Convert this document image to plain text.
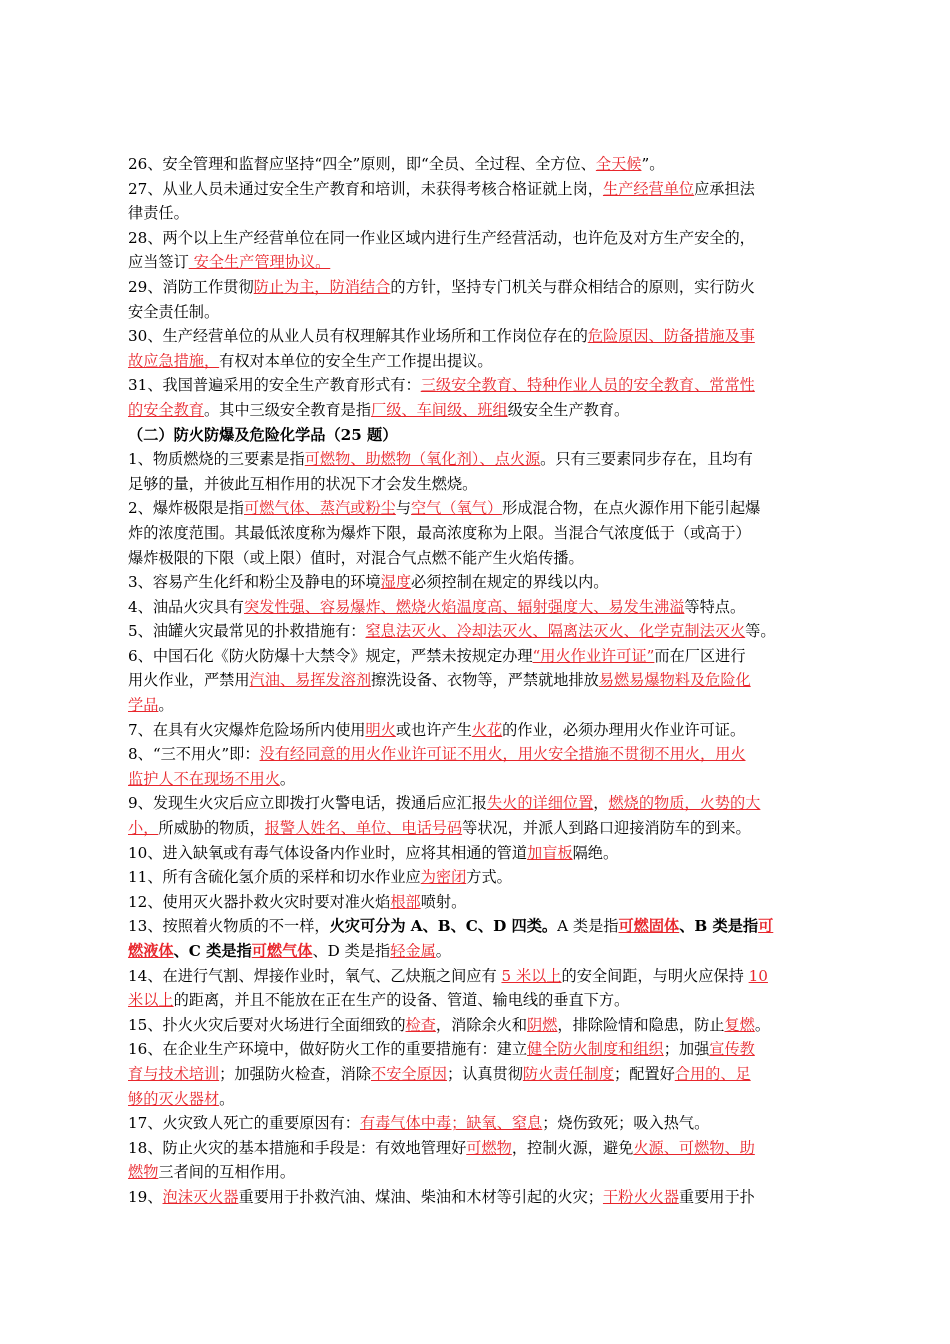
26、安全管理和监督应坚持“四全”原则，即“全员、全过程、全方位、全天候”。
27、从业人员未通过安全生产教育和培训，未获得考核合格证就上岗，生产经营单位应承担法
律责任。
28、两个以上生产经营单位在同一作业区域内进行生产经营活动，也许危及对方生产安全的，
应当签订 安全生产管理协议。
29、消防工作贯彻防止为主，防消结合的方针，坚持专门机关与群众相结合的原则，实行防火
安全责任制。
30、生产经营单位的从业人员有权理解其作业场所和工作岗位存在的危险原因、防备措施及事
故应急措施，有权对本单位的安全生产工作提出提议。
31、我国普遍采用的安全生产教育形式有：三级安全教育、特种作业人员的安全教育、常常性
的安全教育。其中三级安全教育是指厂级、车间级、班组级安全生产教育。
（二）防火防爆及危险化学品（25 题）
1、物质燃烧的三要素是指可燃物、助燃物（氧化剂）、点火源。只有三要素同步存在，且均有
足够的量，并彼此互相作用的状况下才会发生燃烧。
2、爆炸极限是指可燃气体、蒸汽或粉尘与空气（氧气）形成混合物，在点火源作用下能引起爆
炸的浓度范围。其最低浓度称为爆炸下限，最高浓度称为上限。当混合气浓度低于（或高于）
爆炸极限的下限（或上限）值时，对混合气点燃不能产生火焰传播。
3、容易产生化纤和粉尘及静电的环境湿度必须控制在规定的界线以内。
4、油品火灾具有突发性强、容易爆炸、燃烧火焰温度高、辐射强度大、易发生沸溢等特点。
5、油罐火灾最常见的扑救措施有：窒息法灭火、冷却法灭火、隔离法灭火、化学克制法灭火等。
6、中国石化《防火防爆十大禁令》规定，严禁未按规定办理“用火作业许可证”而在厂区进行
用火作业，严禁用汽油、易挥发溶剂擦洗设备、衣物等，严禁就地排放易燃易爆物料及危险化
学品。
7、在具有火灾爆炸危险场所内使用明火或也许产生火花的作业，必须办理用火作业许可证。
8、“三不用火”即：没有经同意的用火作业许可证不用火，用火安全措施不贯彻不用火，用火
监护人不在现场不用火。
9、发现生火灾后应立即拨打火警电话，拨通后应汇报失火的详细位置，燃烧的物质，火势的大
小，所威胁的物质，报警人姓名、单位、电话号码等状况，并派人到路口迎接消防车的到来。
10、进入缺氧或有毒气体设备内作业时，应将其相通的管道加盲板隔绝。
11、所有含硫化氢介质的采样和切水作业应为密闭方式。
12、使用灭火器扑救火灾时要对准火焰根部喷射。
13、按照着火物质的不一样，火灾可分为 A、B、C、D 四类。A 类是指可燃固体、B 类是指可
燃液体、C 类是指可燃气体、D 类是指轻金属。
14、在进行气割、焊接作业时，氧气、乙炔瓶之间应有 5 米以上的安全间距，与明火应保持 10
米以上的距离，并且不能放在正在生产的设备、管道、输电线的垂直下方。
15、扑火火灾后要对火场进行全面细致的检查，消除余火和阴燃，排除险情和隐患，防止复燃。
16、在企业生产环境中，做好防火工作的重要措施有：建立健全防火制度和组织；加强宣传教
育与技术培训；加强防火检查，消除不安全原因；认真贯彻防火责任制度；配置好合用的、足
够的灭火器材。
17、火灾致人死亡的重要原因有：有毒气体中毒；缺氧、窒息；烧伤致死；吸入热气。
18、防止火灾的基本措施和手段是：有效地管理好可燃物，控制火源，避免火源、可燃物、助
燃物三者间的互相作用。
19、泡沫灭火器重要用于扑救汽油、煤油、柴油和木材等引起的火灾；干粉火火器重要用于扑
